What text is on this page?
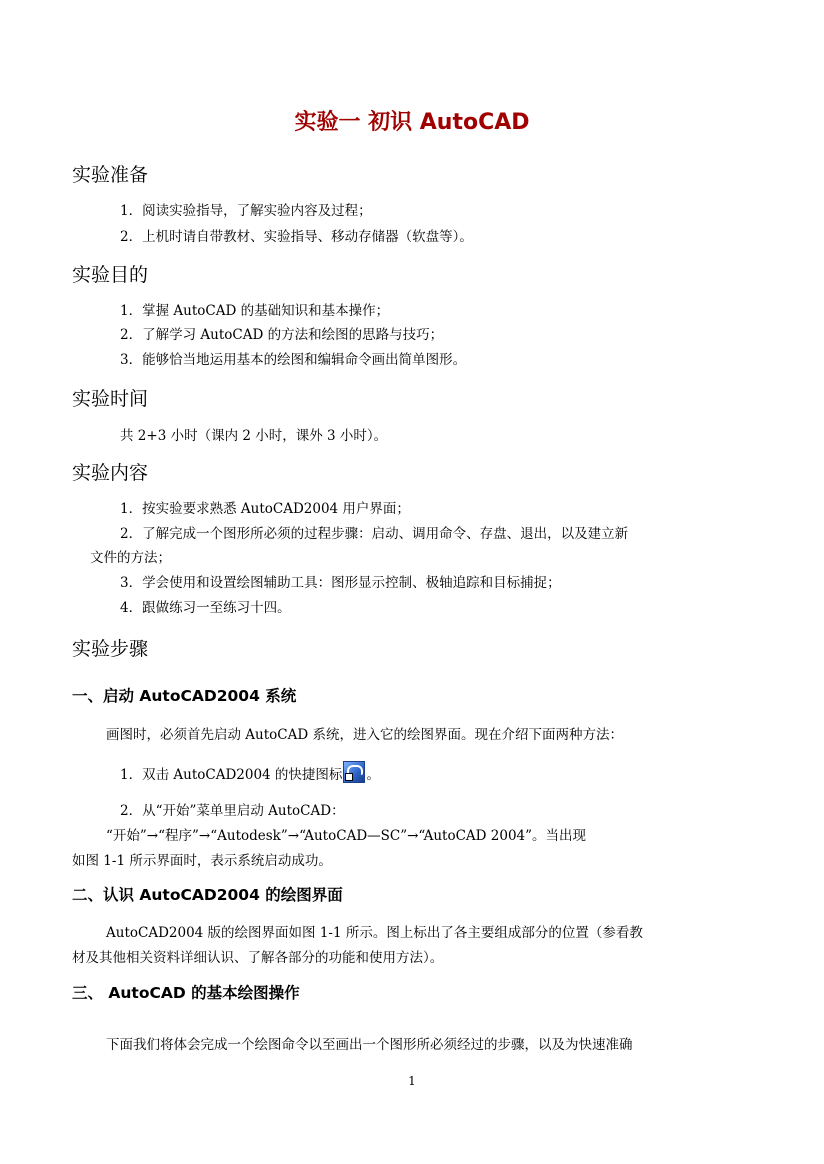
实验一 初识 AutoCAD
实验准备
1．阅读实验指导，了解实验内容及过程；
2．上机时请自带教材、实验指导、移动存储器（软盘等）。
实验目的
1．掌握 AutoCAD 的基础知识和基本操作；
2．了解学习 AutoCAD 的方法和绘图的思路与技巧；
3．能够恰当地运用基本的绘图和编辑命令画出简单图形。
实验时间
共 2+3 小时（课内 2 小时，课外 3 小时）。
实验内容
1．按实验要求熟悉 AutoCAD2004 用户界面；
2．了解完成一个图形所必须的过程步骤：启动、调用命令、存盘、退出，以及建立新
文件的方法；
3．学会使用和设置绘图辅助工具：图形显示控制、极轴追踪和目标捕捉；
4．跟做练习一至练习十四。
实验步骤
一、启动 AutoCAD2004 系统
画图时，必须首先启动 AutoCAD 系统，进入它的绘图界面。现在介绍下面两种方法：
1．双击 AutoCAD2004 的快捷图标 。
2．从“开始”菜单里启动 AutoCAD：
“开始”→“程序”→“Autodesk”→“AutoCAD—SC”→“AutoCAD 2004”。当出现
如图 1-1 所示界面时，表示系统启动成功。
二、认识 AutoCAD2004 的绘图界面
AutoCAD2004 版的绘图界面如图 1-1 所示。图上标出了各主要组成部分的位置（参看教
材及其他相关资料详细认识、了解各部分的功能和使用方法）。
三、 AutoCAD 的基本绘图操作
下面我们将体会完成一个绘图命令以至画出一个图形所必须经过的步骤，以及为快速准确
1
